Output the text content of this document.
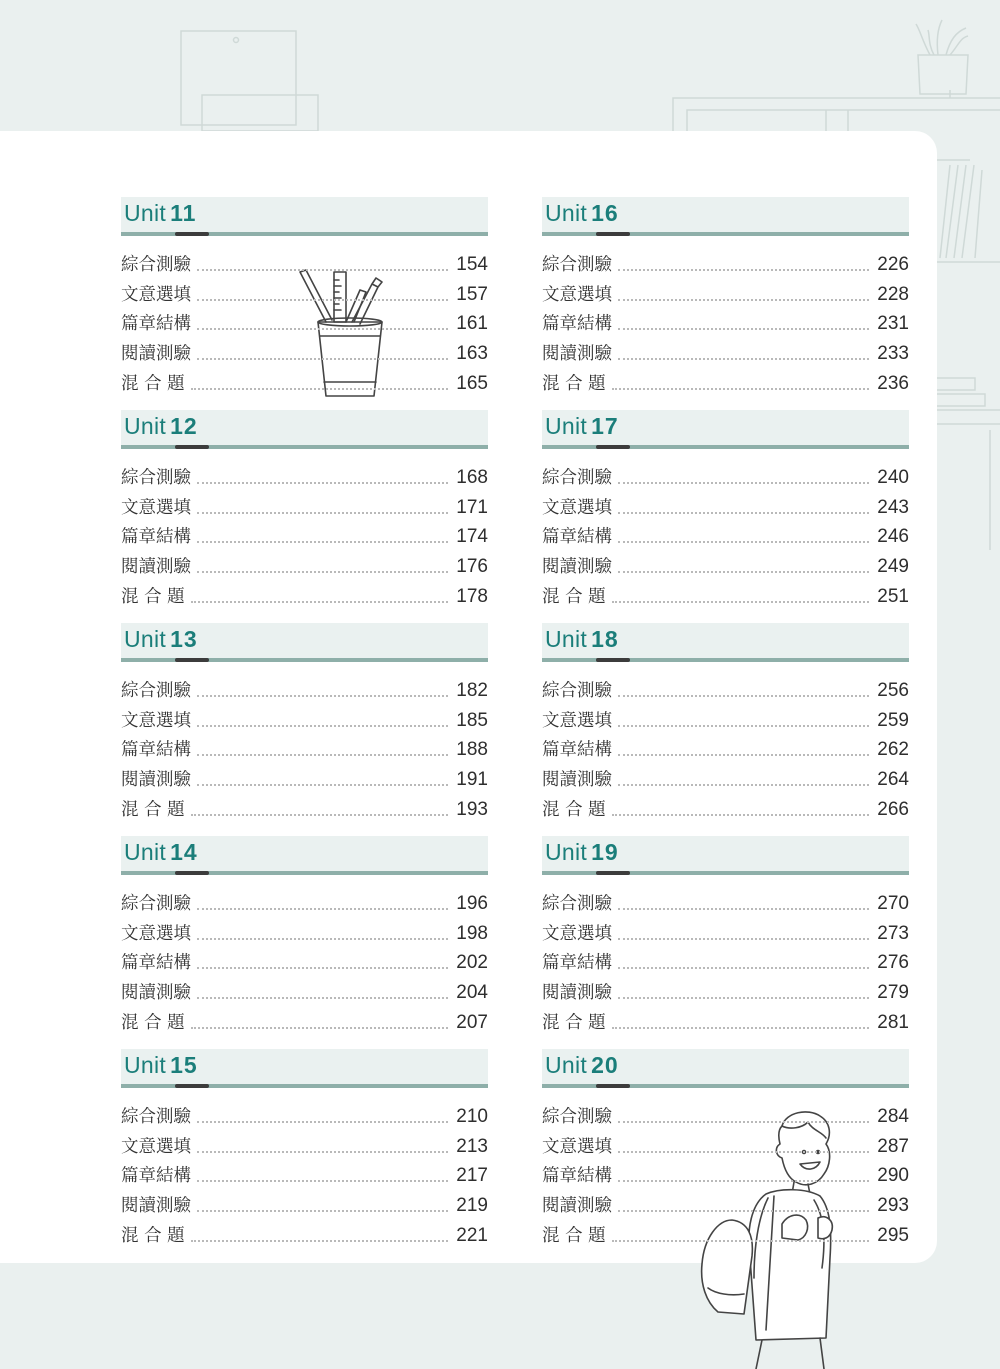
Unit 11
綜合測驗	154
文意選填	157
篇章結構	161
閱讀測驗	163
混 合 題	165
Unit 12
綜合測驗	168
文意選填	171
篇章結構	174
閱讀測驗	176
混 合 題	178
Unit 13
綜合測驗	182
文意選填	185
篇章結構	188
閱讀測驗	191
混 合 題	193
Unit 14
綜合測驗	196
文意選填	198
篇章結構	202
閱讀測驗	204
混 合 題	207
Unit 15
綜合測驗	210
文意選填	213
篇章結構	217
閱讀測驗	219
混 合 題	221
Unit 16
綜合測驗	226
文意選填	228
篇章結構	231
閱讀測驗	233
混 合 題	236
Unit 17
綜合測驗	240
文意選填	243
篇章結構	246
閱讀測驗	249
混 合 題	251
Unit 18
綜合測驗	256
文意選填	259
篇章結構	262
閱讀測驗	264
混 合 題	266
Unit 19
綜合測驗	270
文意選填	273
篇章結構	276
閱讀測驗	279
混 合 題	281
Unit 20
綜合測驗	284
文意選填	287
篇章結構	290
閱讀測驗	293
混 合 題	295
